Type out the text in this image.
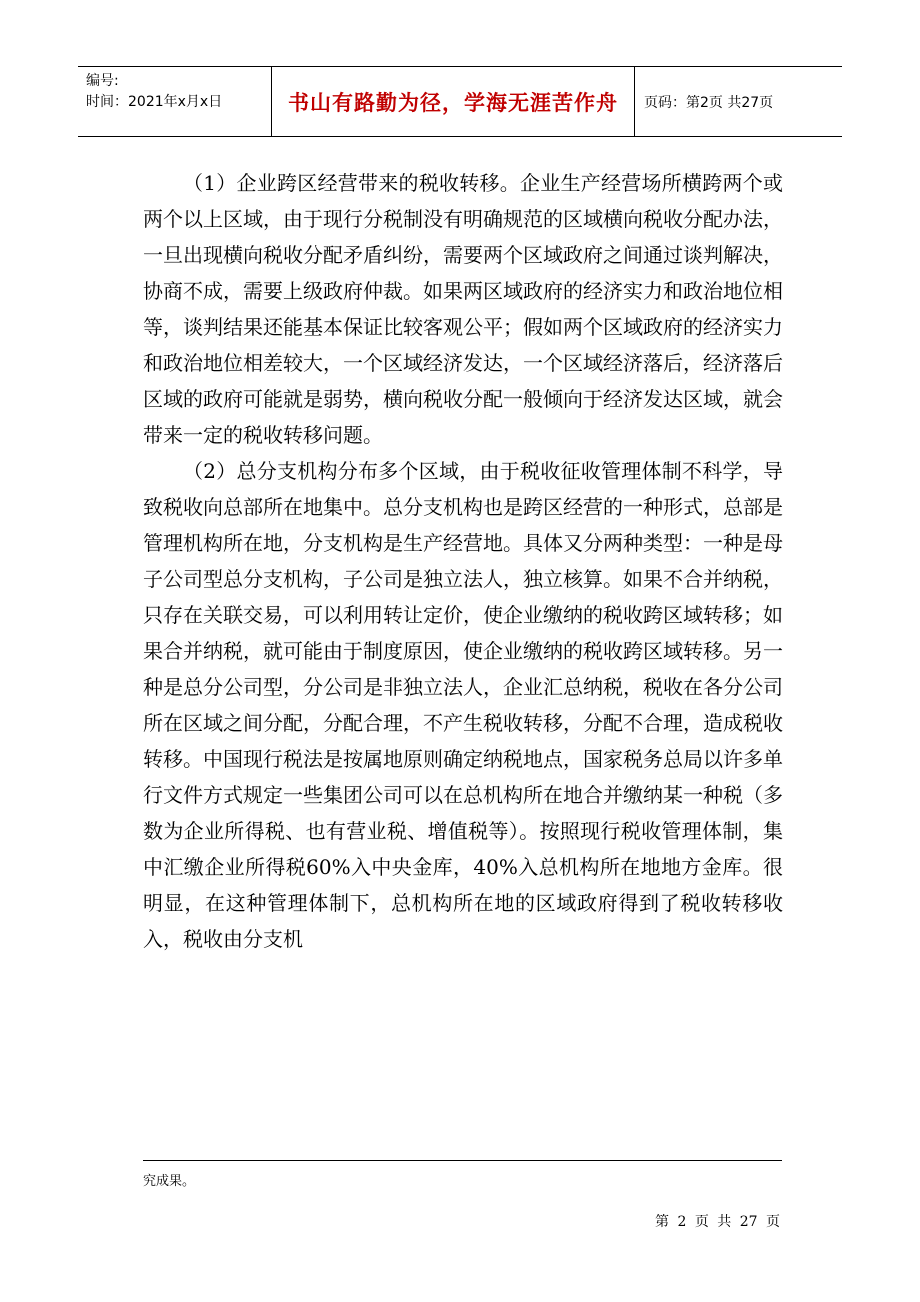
编号:
时间：2021年x月x日	书山有路勤为径，学海无涯苦作舟	页码：第2页 共27页

（1）企业跨区经营带来的税收转移。企业生产经营场所横跨两个或两个以上区域，由于现行分税制没有明确规范的区域横向税收分配办法，一旦出现横向税收分配矛盾纠纷，需要两个区域政府之间通过谈判解决，协商不成，需要上级政府仲裁。如果两区域政府的经济实力和政治地位相等，谈判结果还能基本保证比较客观公平；假如两个区域政府的经济实力和政治地位相差较大，一个区域经济发达，一个区域经济落后，经济落后区域的政府可能就是弱势，横向税收分配一般倾向于经济发达区域，就会带来一定的税收转移问题。

（2）总分支机构分布多个区域，由于税收征收管理体制不科学，导致税收向总部所在地集中。总分支机构也是跨区经营的一种形式，总部是管理机构所在地，分支机构是生产经营地。具体又分两种类型：一种是母子公司型总分支机构，子公司是独立法人，独立核算。如果不合并纳税，只存在关联交易，可以利用转让定价，使企业缴纳的税收跨区域转移；如果合并纳税，就可能由于制度原因，使企业缴纳的税收跨区域转移。另一种是总分公司型，分公司是非独立法人，企业汇总纳税，税收在各分公司所在区域之间分配，分配合理，不产生税收转移，分配不合理，造成税收转移。中国现行税法是按属地原则确定纳税地点，国家税务总局以许多单行文件方式规定一些集团公司可以在总机构所在地合并缴纳某一种税（多数为企业所得税、也有营业税、增值税等）。按照现行税收管理体制，集中汇缴企业所得税60%入中央金库，40%入总机构所在地地方金库。很明显，在这种管理体制下，总机构所在地的区域政府得到了税收转移收入，税收由分支机

究成果。
第 2 页 共 27 页
